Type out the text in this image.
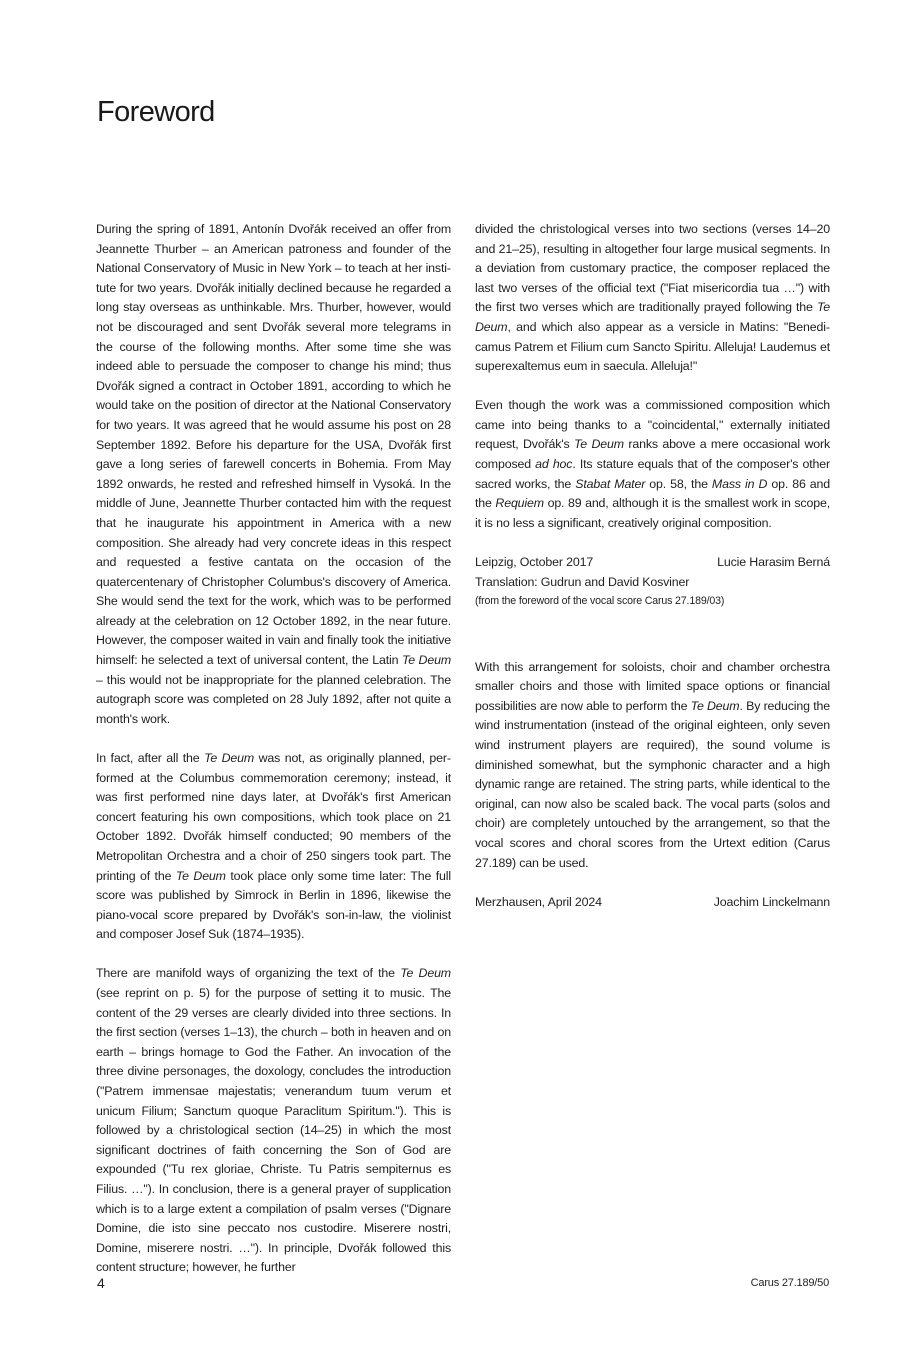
Foreword

During the spring of 1891, Antonín Dvořák received an offer from Jeannette Thurber – an American patroness and founder of the National Conservatory of Music in New York – to teach at her institute for two years. Dvořák initially declined because he regarded a long stay overseas as unthinkable. Mrs. Thurber, however, would not be discouraged and sent Dvořák several more telegrams in the course of the following months. After some time she was indeed able to persuade the composer to change his mind; thus Dvořák signed a contract in October 1891, according to which he would take on the position of director at the National Conservatory for two years. It was agreed that he would assume his post on 28 September 1892. Before his departure for the USA, Dvořák first gave a long series of farewell concerts in Bohemia. From May 1892 onwards, he rested and refreshed himself in Vysoká. In the middle of June, Jeannette Thurber contacted him with the request that he inaugurate his appointment in America with a new composition. She already had very concrete ideas in this respect and requested a festive cantata on the occasion of the quatercentenary of Christopher Columbus's discovery of America. She would send the text for the work, which was to be performed already at the celebration on 12 October 1892, in the near future. However, the composer waited in vain and finally took the initiative himself: he selected a text of universal content, the Latin Te Deum – this would not be inappropriate for the planned celebration. The autograph score was completed on 28 July 1892, after not quite a month's work.

In fact, after all the Te Deum was not, as originally planned, performed at the Columbus commemoration ceremony; instead, it was first performed nine days later, at Dvořák's first American concert featuring his own compositions, which took place on 21 October 1892. Dvořák himself conducted; 90 members of the Metropolitan Orchestra and a choir of 250 singers took part. The printing of the Te Deum took place only some time later: The full score was published by Simrock in Berlin in 1896, likewise the piano-vocal score prepared by Dvořák's son-in-law, the violinist and composer Josef Suk (1874–1935).

There are manifold ways of organizing the text of the Te Deum (see reprint on p. 5) for the purpose of setting it to music. The content of the 29 verses are clearly divided into three sections. In the first section (verses 1–13), the church – both in heaven and on earth – brings homage to God the Father. An invocation of the three divine personages, the doxology, concludes the introduction ("Patrem immensae majestatis; venerandum tuum verum et unicum Filium; Sanctum quoque Paraclitum Spiritum."). This is followed by a christological section (14–25) in which the most significant doctrines of faith concerning the Son of God are expounded ("Tu rex gloriae, Christe. Tu Patris sempiternus es Filius. …"). In conclusion, there is a general prayer of supplication which is to a large extent a compilation of psalm verses ("Dignare Domine, die isto sine peccato nos custodire. Miserere nostri, Domine, miserere nostri. …"). In principle, Dvořák followed this content structure; however, he further

divided the christological verses into two sections (verses 14–20 and 21–25), resulting in altogether four large musical segments. In a deviation from customary practice, the composer replaced the last two verses of the official text ("Fiat misericordia tua …") with the first two verses which are traditionally prayed following the Te Deum, and which also appear as a versicle in Matins: "Benedicamus Patrem et Filium cum Sancto Spiritu. Alleluja! Laudemus et superexaltemus eum in saecula. Alleluja!"

Even though the work was a commissioned composition which came into being thanks to a "coincidental," externally initiated request, Dvořák's Te Deum ranks above a mere occasional work composed ad hoc. Its stature equals that of the composer's other sacred works, the Stabat Mater op. 58, the Mass in D op. 86 and the Requiem op. 89 and, although it is the smallest work in scope, it is no less a significant, creatively original composition.

Leipzig, October 2017	Lucie Harasim Berná
Translation: Gudrun and David Kosviner
(from the foreword of the vocal score Carus 27.189/03)

With this arrangement for soloists, choir and chamber orchestra smaller choirs and those with limited space options or financial possibilities are now able to perform the Te Deum. By reducing the wind instrumentation (instead of the original eighteen, only seven wind instrument players are required), the sound volume is diminished somewhat, but the symphonic character and a high dynamic range are retained. The string parts, while identical to the original, can now also be scaled back. The vocal parts (solos and choir) are completely untouched by the arrangement, so that the vocal scores and choral scores from the Urtext edition (Carus 27.189) can be used.

Merzhausen, April 2024	Joachim Linckelmann
4	Carus 27.189/50
